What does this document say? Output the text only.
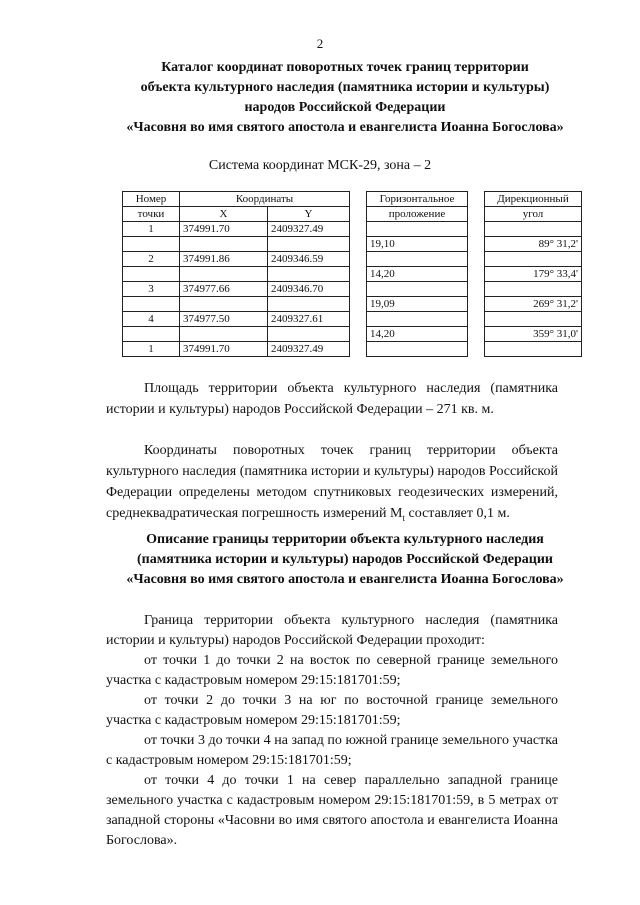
2
Каталог координат поворотных точек границ территории
объекта культурного наследия (памятника истории и культуры)
народов Российской Федерации
«Часовня во имя святого апостола и евангелиста Иоанна Богослова»
Система координат МСК-29, зона – 2
Номер	Координаты			Горизонтальное		Дирекционный
точки	X	Y		проложение		угол
1	374991.70	2409327.49				
				19,10		89° 31,2'
2	374991.86	2409346.59				
				14,20		179° 33,4'
3	374977.66	2409346.70				
				19,09		269° 31,2'
4	374977.50	2409327.61				
				14,20		359° 31,0'
1	374991.70	2409327.49				
Площадь территории объекта культурного наследия (памятника истории и культуры) народов Российской Федерации – 271 кв. м.
Координаты поворотных точек границ территории объекта культурного наследия (памятника истории и культуры) народов Российской Федерации определены методом спутниковых геодезических измерений, среднеквадратическая погрешность измерений $M_t$ составляет 0,1 м.
Описание границы территории объекта культурного наследия
(памятника истории и культуры) народов Российской Федерации
«Часовня во имя святого апостола и евангелиста Иоанна Богослова»
Граница территории объекта культурного наследия (памятника истории и культуры) народов Российской Федерации проходит:
от точки 1 до точки 2 на восток по северной границе земельного участка с кадастровым номером 29:15:181701:59;
от точки 2 до точки 3 на юг по восточной границе земельного участка с кадастровым номером 29:15:181701:59;
от точки 3 до точки 4 на запад по южной границе земельного участка с кадастровым номером 29:15:181701:59;
от точки 4 до точки 1 на север параллельно западной границе земельного участка с кадастровым номером 29:15:181701:59, в 5 метрах от западной стороны «Часовни во имя святого апостола и евангелиста Иоанна Богослова».
